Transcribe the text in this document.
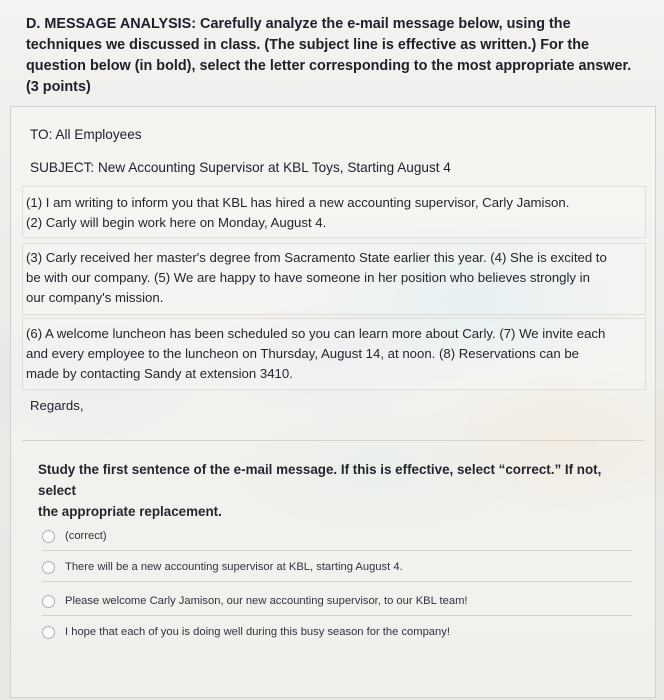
D. MESSAGE ANALYSIS: Carefully analyze the e-mail message below, using the techniques we discussed in class. (The subject line is effective as written.) For the question below (in bold), select the letter corresponding to the most appropriate answer. (3 points)
TO: All Employees
SUBJECT: New Accounting Supervisor at KBL Toys, Starting August 4
(1) I am writing to inform you that KBL has hired a new accounting supervisor, Carly Jamison.
(2) Carly will begin work here on Monday, August 4.
(3) Carly received her master's degree from Sacramento State earlier this year. (4) She is excited to
be with our company. (5) We are happy to have someone in her position who believes strongly in
our company's mission.
(6) A welcome luncheon has been scheduled so you can learn more about Carly. (7) We invite each
and every employee to the luncheon on Thursday, August 14, at noon. (8) Reservations can be
made by contacting Sandy at extension 3410.
Regards,
Study the first sentence of the e-mail message. If this is effective, select “correct.” If not, select
the appropriate replacement.
(correct)
There will be a new accounting supervisor at KBL, starting August 4.
Please welcome Carly Jamison, our new accounting supervisor, to our KBL team!
I hope that each of you is doing well during this busy season for the company!
